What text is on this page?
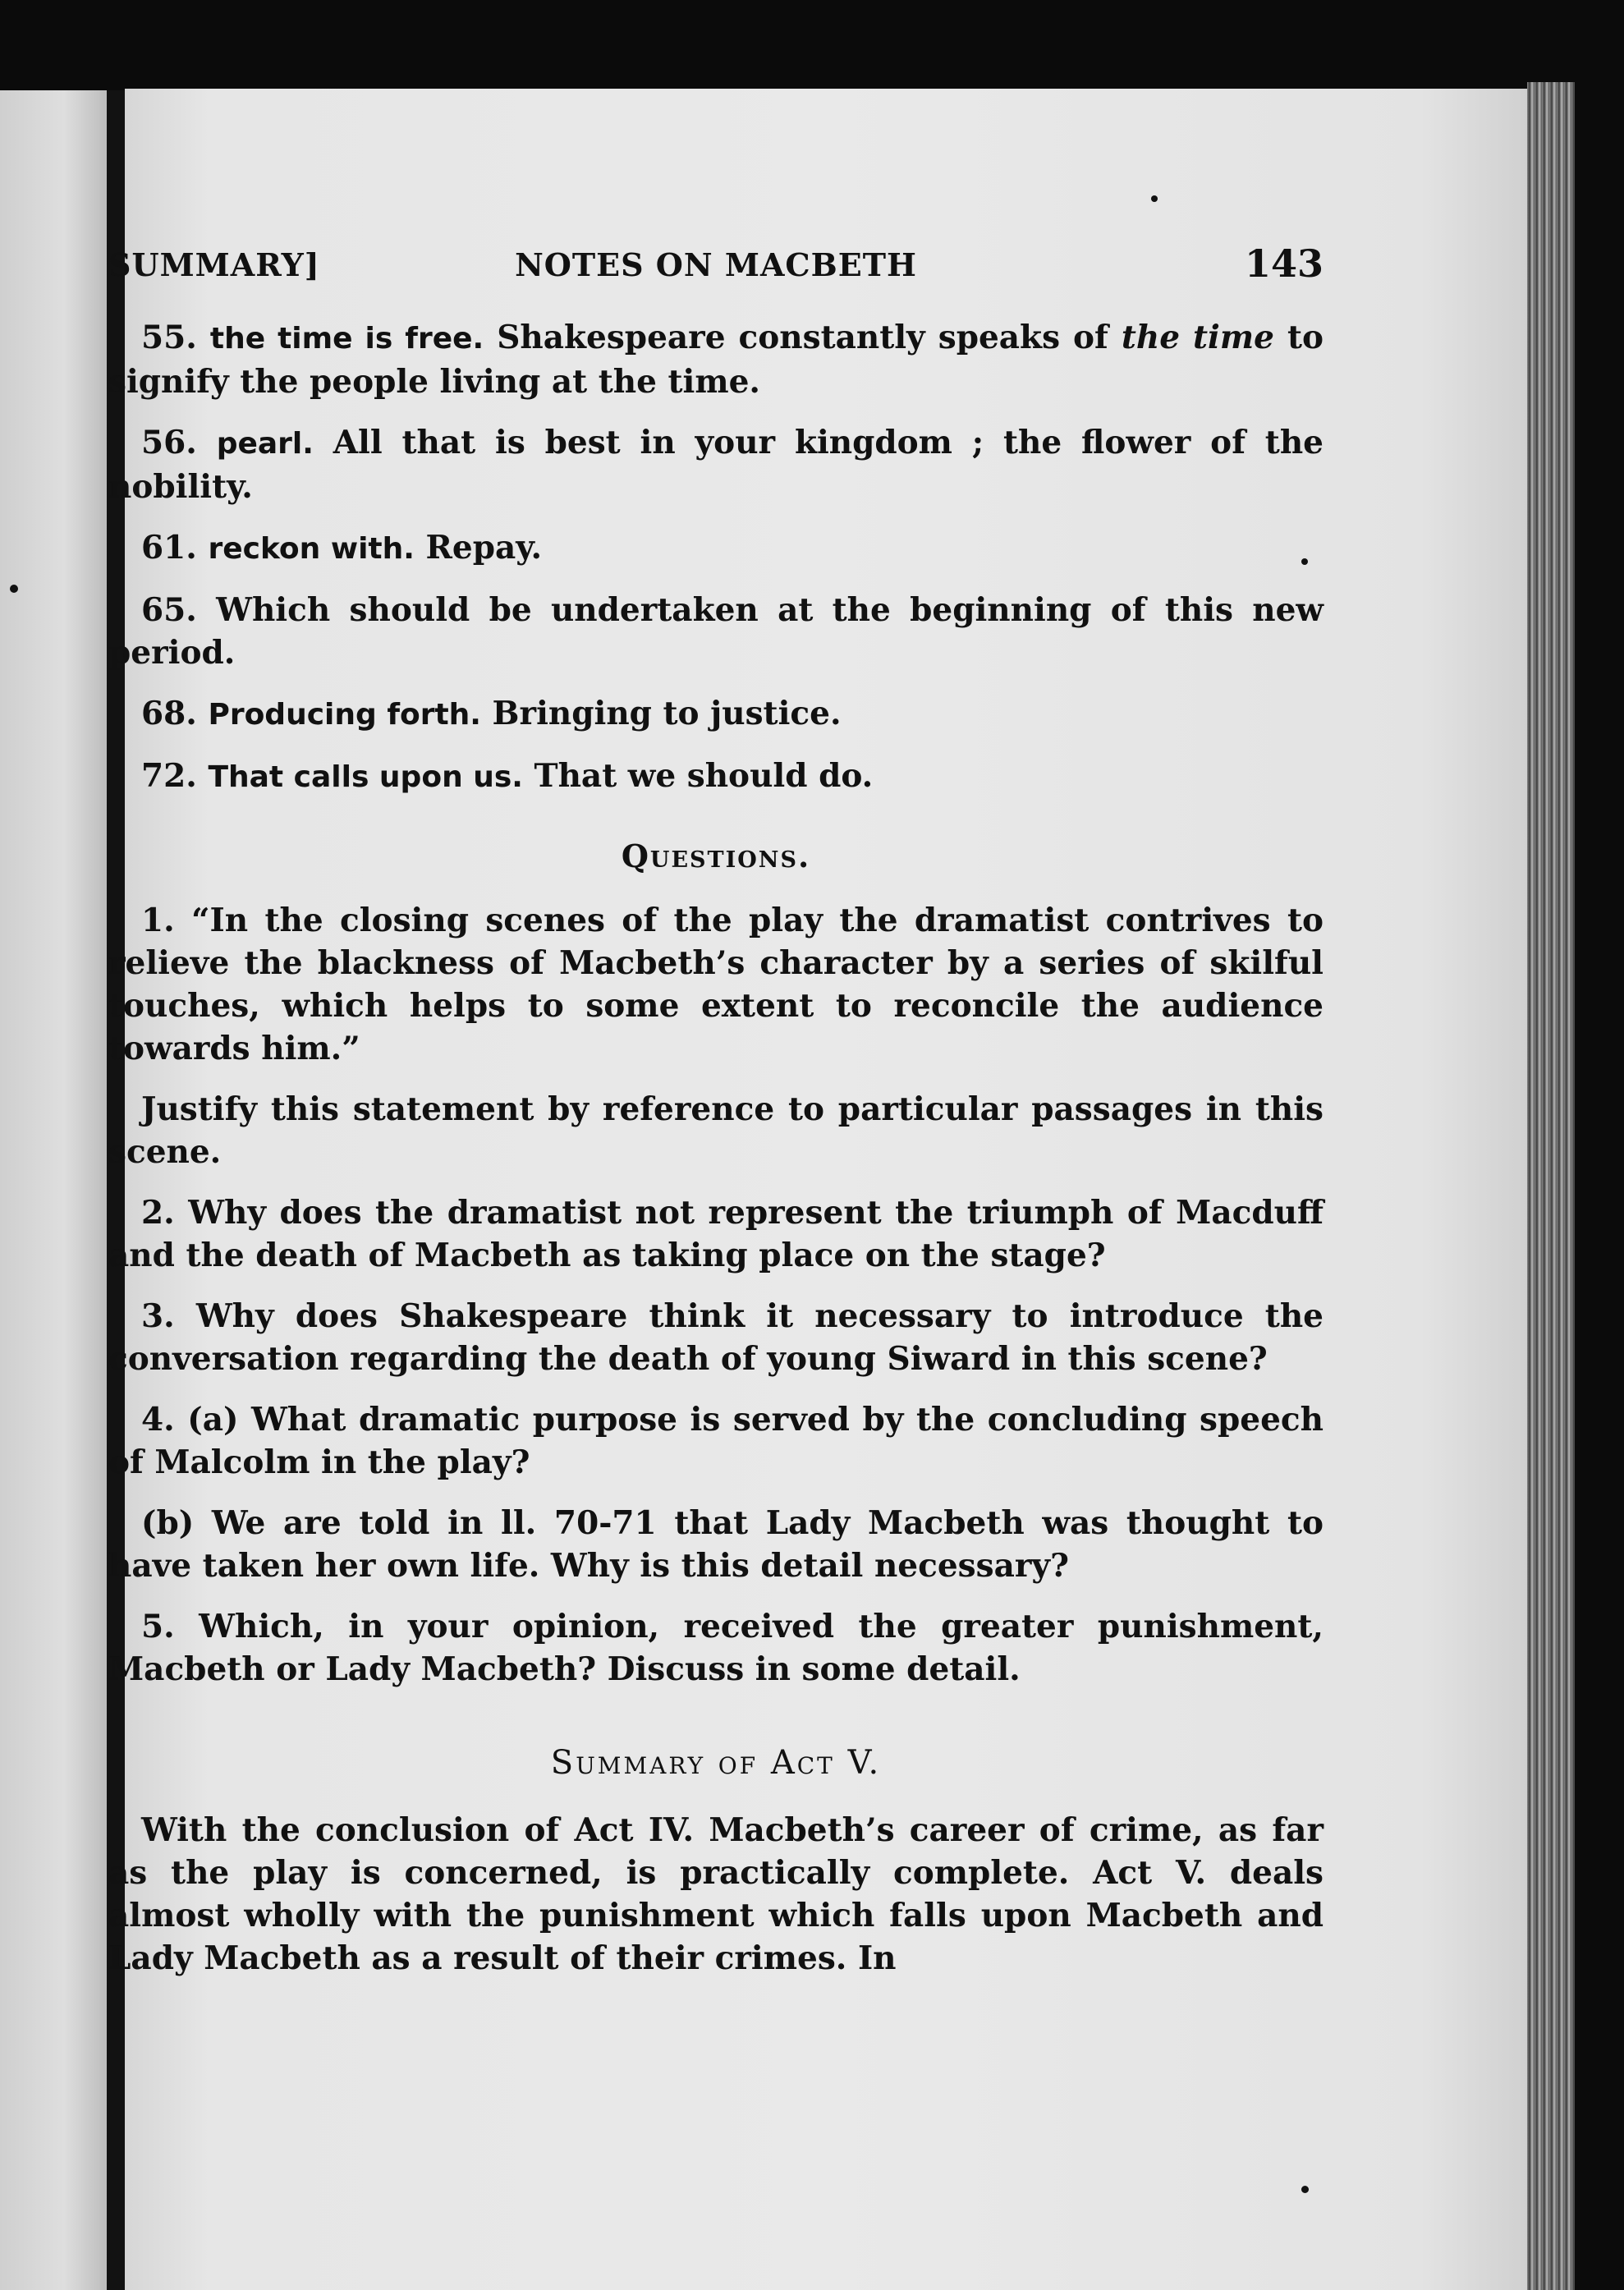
SUMMARY]	NOTES ON MACBETH	143

55. the time is free. Shakespeare constantly speaks of the time to signify the people living at the time.

56. pearl. All that is best in your kingdom ; the flower of the nobility.

61. reckon with. Repay.

65. Which should be undertaken at the beginning of this new period.

68. Producing forth. Bringing to justice.

72. That calls upon us. That we should do.

Questions.

1. “In the closing scenes of the play the dramatist contrives to relieve the blackness of Macbeth’s character by a series of skilful touches, which helps to some extent to reconcile the audience towards him.”

Justify this statement by reference to particular passages in this scene.

2. Why does the dramatist not represent the triumph of Macduff and the death of Macbeth as taking place on the stage?

3. Why does Shakespeare think it necessary to introduce the conversation regarding the death of young Siward in this scene?

4. (a) What dramatic purpose is served by the concluding speech of Malcolm in the play?

(b) We are told in ll. 70-71 that Lady Macbeth was thought to have taken her own life. Why is this detail necessary?

5. Which, in your opinion, received the greater punishment, Macbeth or Lady Macbeth? Discuss in some detail.

Summary of Act V.

With the conclusion of Act IV. Macbeth’s career of crime, as far as the play is concerned, is practically complete. Act V. deals almost wholly with the punishment which falls upon Macbeth and Lady Macbeth as a result of their crimes. In
